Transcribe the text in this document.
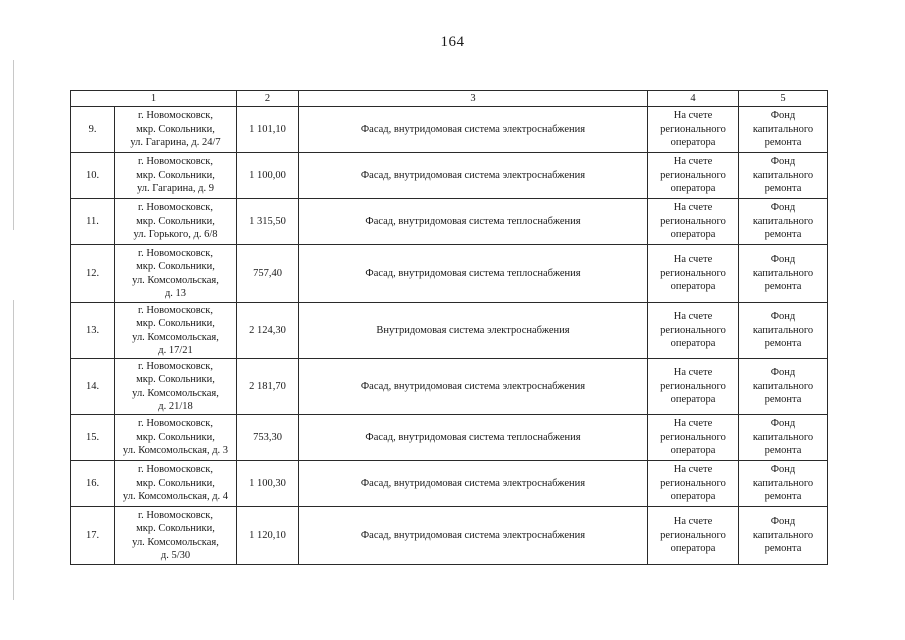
164
1		2	3	4	5
9.	г. Новомосковск,
мкр. Сокольники,
ул. Гагарина, д. 24/7	1 101,10	Фасад, внутридомовая система электроснабжения	На счете
регионального
оператора	Фонд
капитального
ремонта

10.	г. Новомосковск,
мкр. Сокольники,
ул. Гагарина, д. 9	1 100,00	Фасад, внутридомовая система электроснабжения	На счете
регионального
оператора	Фонд
капитального
ремонта

11.	г. Новомосковск,
мкр. Сокольники,
ул. Горького, д. 6/8	1 315,50	Фасад, внутридомовая система теплоснабжения	На счете
регионального
оператора	Фонд
капитального
ремонта

12.	г. Новомосковск,
мкр. Сокольники,
ул. Комсомольская,
д. 13	757,40	Фасад, внутридомовая система теплоснабжения	На счете
регионального
оператора	Фонд
капитального
ремонта

13.	г. Новомосковск,
мкр. Сокольники,
ул. Комсомольская,
д. 17/21	2 124,30	Внутридомовая система электроснабжения	На счете
регионального
оператора	Фонд
капитального
ремонта

14.	г. Новомосковск,
мкр. Сокольники,
ул. Комсомольская,
д. 21/18	2 181,70	Фасад, внутридомовая система электроснабжения	На счете
регионального
оператора	Фонд
капитального
ремонта

15.	г. Новомосковск,
мкр. Сокольники,
ул. Комсомольская, д. 3	753,30	Фасад, внутридомовая система теплоснабжения	На счете
регионального
оператора	Фонд
капитального
ремонта

16.	г. Новомосковск,
мкр. Сокольники,
ул. Комсомольская, д. 4	1 100,30	Фасад, внутридомовая система электроснабжения	На счете
регионального
оператора	Фонд
капитального
ремонта

17.	г. Новомосковск,
мкр. Сокольники,
ул. Комсомольская,
д. 5/30	1 120,10	Фасад, внутридомовая система электроснабжения	На счете
регионального
оператора	Фонд
капитального
ремонта
